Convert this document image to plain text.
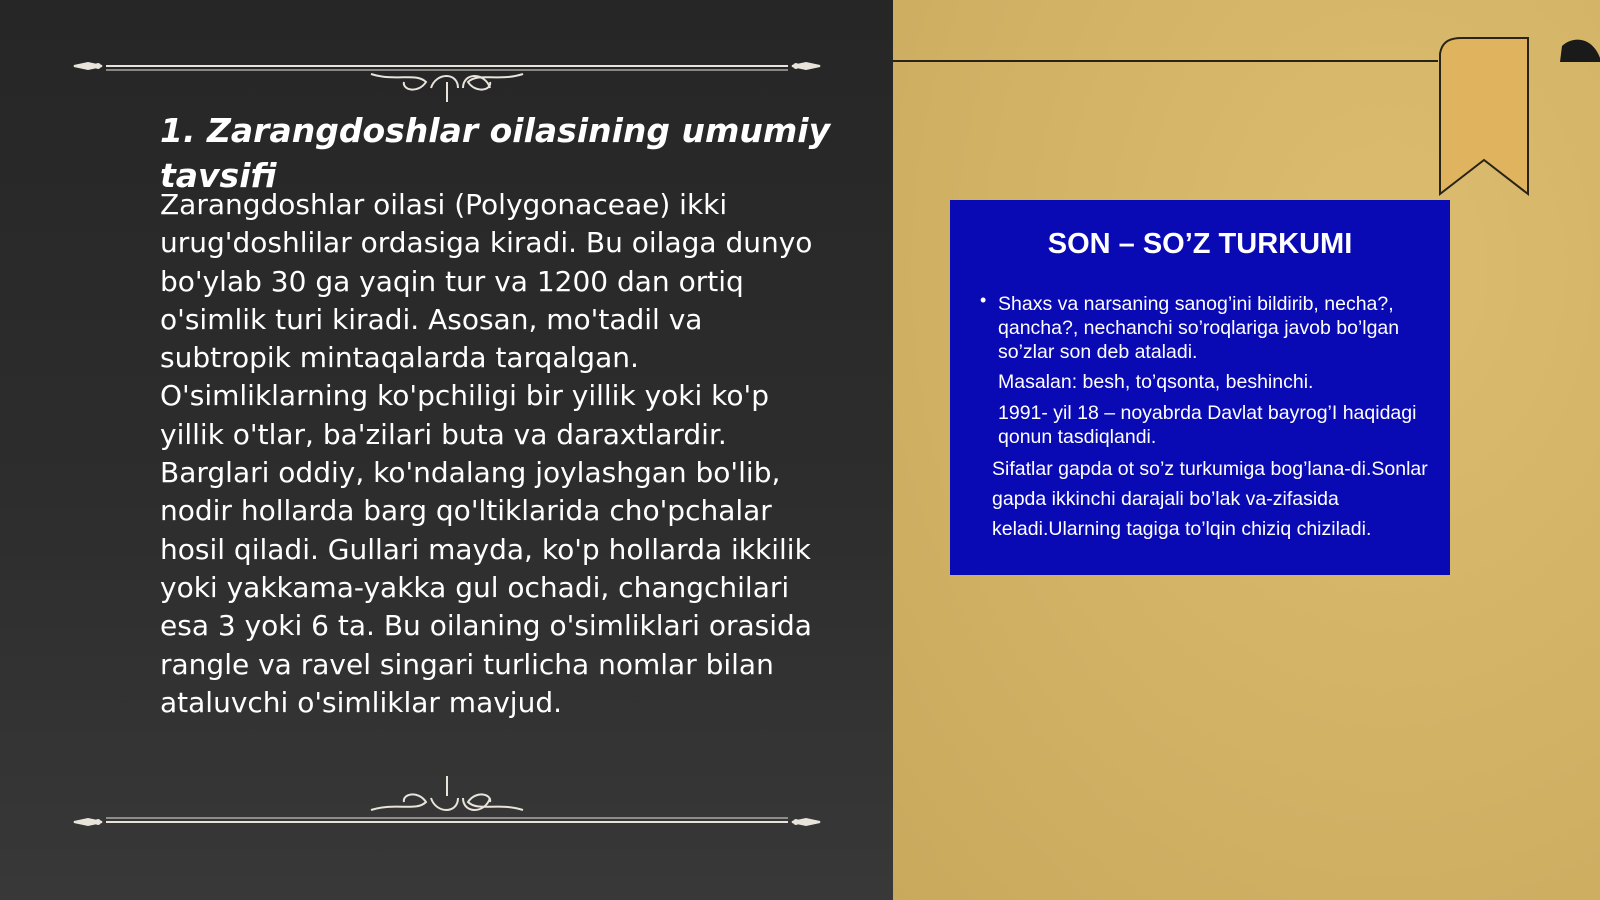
1. Zarangdoshlar oilasining umumiy tavsifi

Zarangdoshlar oilasi (Polygonaceae) ikki urug'doshlilar ordasiga kiradi. Bu oilaga dunyo bo'ylab 30 ga yaqin tur va 1200 dan ortiq o'simlik turi kiradi. Asosan, mo'tadil va subtropik mintaqalarda tarqalgan. O'simliklarning ko'pchiligi bir yillik yoki ko'p yillik o'tlar, ba'zilari buta va daraxtlardir. Barglari oddiy, ko'ndalang joylashgan bo'lib, nodir hollarda barg qo'ltiklarida cho'pchalar hosil qiladi. Gullari mayda, ko'p hollarda ikkilik yoki yakkama-yakka gul ochadi, changchilari esa 3 yoki 6 ta. Bu oilaning o'simliklari orasida rangle va ravel singari turlicha nomlar bilan ataluvchi o'simliklar mavjud.

SON – SO’Z TURKUMI
• Shaxs va narsaning sanog’ini bildirib, necha?, qancha?, nechanchi so’roqlariga javob bo’lgan so’zlar son deb ataladi.

Masalan: besh, to’qsonta, beshinchi.

1991- yil 18 – noyabrda Davlat bayrog’I haqidagi qonun tasdiqlandi.

Sifatlar gapda ot so’z turkumiga bog’lana-di.Sonlar gapda ikkinchi darajali bo’lak va-zifasida keladi.Ularning tagiga to’lqin chiziq chiziladi.
